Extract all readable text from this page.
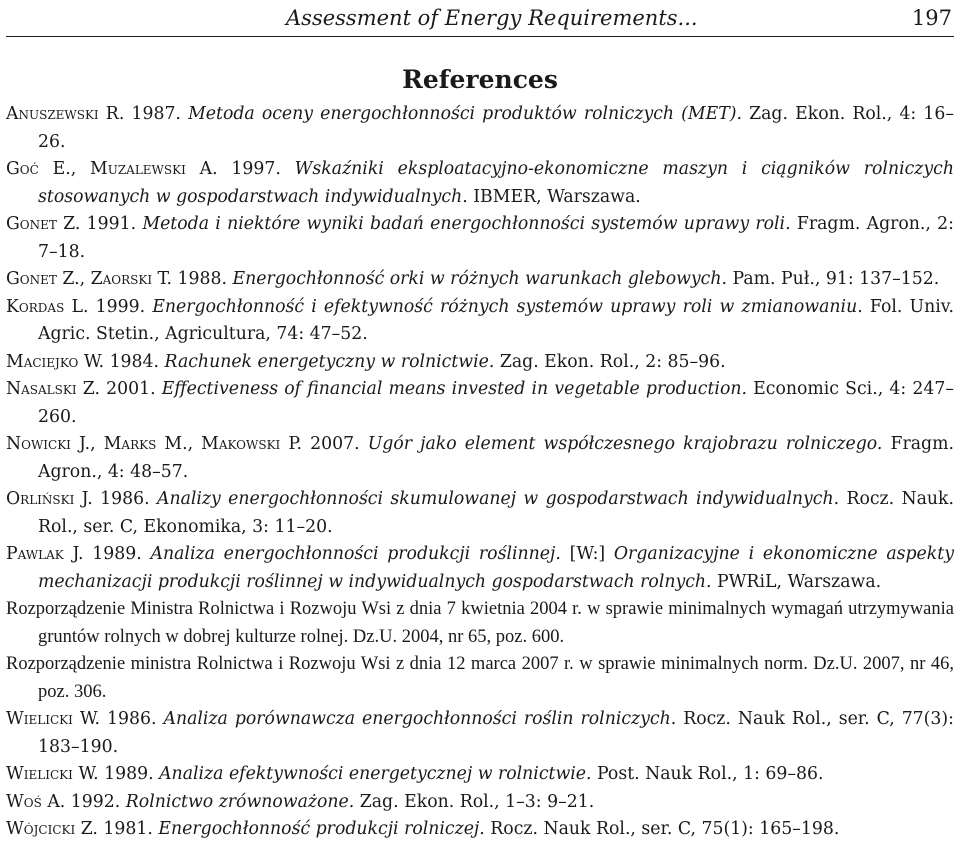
Assessment of Energy Requirements...	197
References
Anuszewski R. 1987. Metoda oceny energochłonności produktów rolniczych (MET). Zag. Ekon. Rol., 4: 16–26.
Goć E., Muzalewski A. 1997. Wskaźniki eksploatacyjno-ekonomiczne maszyn i ciągników rolniczych stosowanych w gospodarstwach indywidualnych. IBMER, Warszawa.
Gonet Z. 1991. Metoda i niektóre wyniki badań energochłonności systemów uprawy roli. Fragm. Agron., 2: 7–18.
Gonet Z., Zaorski T. 1988. Energochłonność orki w różnych warunkach glebowych. Pam. Puł., 91: 137–152.
Kordas L. 1999. Energochłonność i efektywność różnych systemów uprawy roli w zmianowaniu. Fol. Univ. Agric. Stetin., Agricultura, 74: 47–52.
Maciejko W. 1984. Rachunek energetyczny w rolnictwie. Zag. Ekon. Rol., 2: 85–96.
Nasalski Z. 2001. Effectiveness of financial means invested in vegetable production. Economic Sci., 4: 247–260.
Nowicki J., Marks M., Makowski P. 2007. Ugór jako element współczesnego krajobrazu rolniczego. Fragm. Agron., 4: 48–57.
Orliński J. 1986. Analizy energochłonności skumulowanej w gospodarstwach indywidualnych. Rocz. Nauk. Rol., ser. C, Ekonomika, 3: 11–20.
Pawlak J. 1989. Analiza energochłonności produkcji roślinnej. [W:] Organizacyjne i ekonomiczne aspekty mechanizacji produkcji roślinnej w indywidualnych gospodarstwach rolnych. PWRiL, Warszawa.
Rozporządzenie Ministra Rolnictwa i Rozwoju Wsi z dnia 7 kwietnia 2004 r. w sprawie minimalnych wymagań utrzymywania gruntów rolnych w dobrej kulturze rolnej. Dz.U. 2004, nr 65, poz. 600.
Rozporządzenie ministra Rolnictwa i Rozwoju Wsi z dnia 12 marca 2007 r. w sprawie minimalnych norm. Dz.U. 2007, nr 46, poz. 306.
Wielicki W. 1986. Analiza porównawcza energochłonności roślin rolniczych. Rocz. Nauk Rol., ser. C, 77(3): 183–190.
Wielicki W. 1989. Analiza efektywności energetycznej w rolnictwie. Post. Nauk Rol., 1: 69–86.
Woś A. 1992. Rolnictwo zrównoważone. Zag. Ekon. Rol., 1–3: 9–21.
Wójcicki Z. 1981. Energochłonność produkcji rolniczej. Rocz. Nauk Rol., ser. C, 75(1): 165–198.
